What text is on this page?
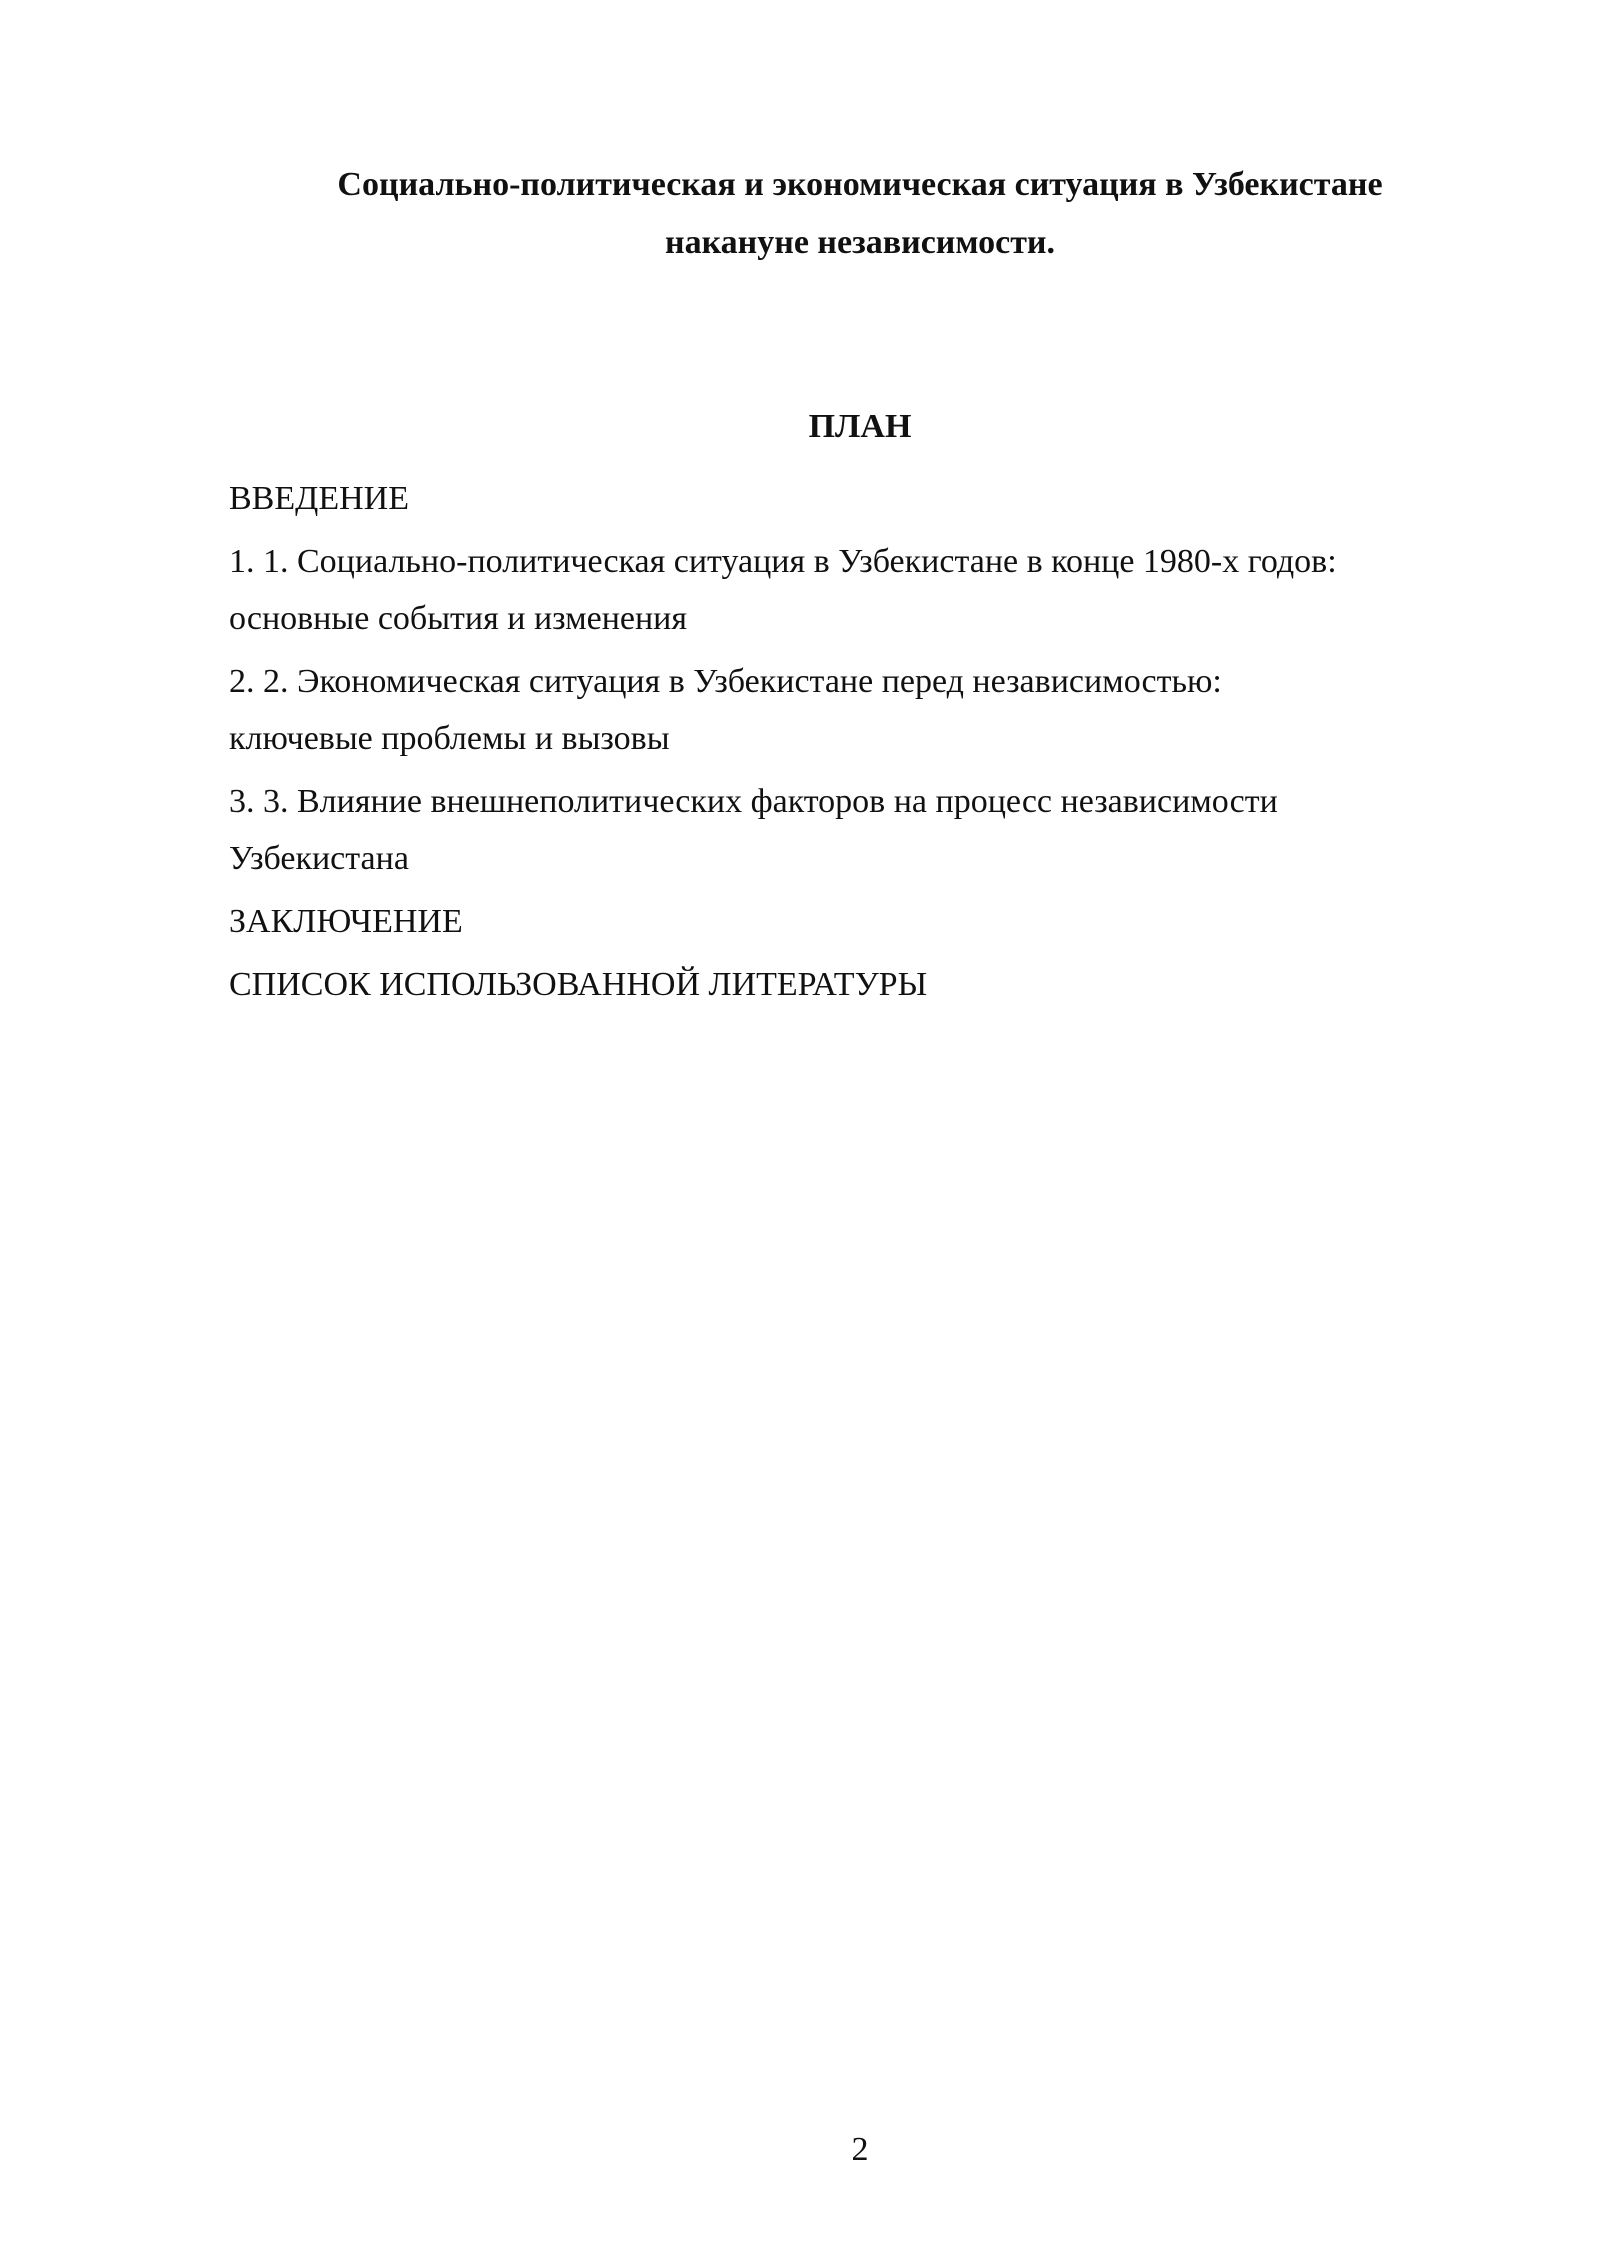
Социально-политическая и экономическая ситуация в Узбекистане
накануне независимости.
ПЛАН
ВВЕДЕНИЕ
1. 1. Социально-политическая ситуация в Узбекистане в конце 1980-х годов:
основные события и изменения
2. 2. Экономическая ситуация в Узбекистане перед независимостью:
ключевые проблемы и вызовы
3. 3. Влияние внешнеполитических факторов на процесс независимости
Узбекистана
ЗАКЛЮЧЕНИЕ
СПИСОК ИСПОЛЬЗОВАННОЙ ЛИТЕРАТУРЫ
2
